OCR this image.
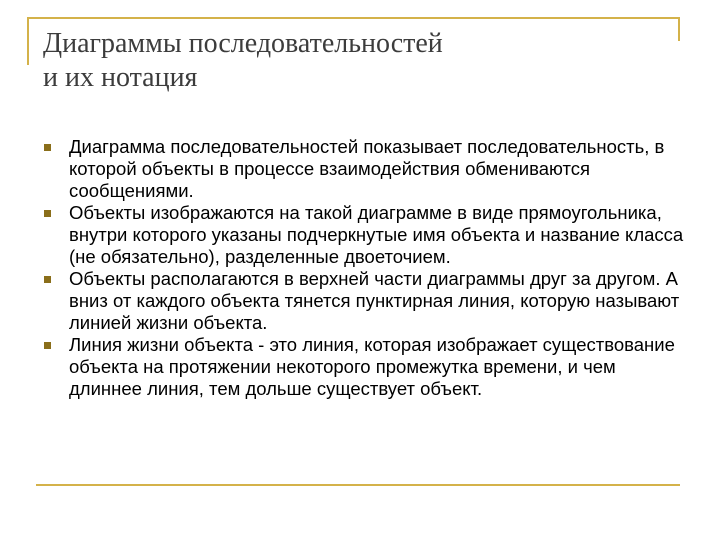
Диаграммы последовательностей
и их нотация
Диаграмма последовательностей показывает последовательность, в которой объекты в процессе взаимодействия обмениваются сообщениями.
Объекты изображаются на такой диаграмме в виде прямоугольника, внутри которого указаны подчеркнутые имя объекта и название класса (не обязательно), разделенные двоеточием.
Объекты располагаются в верхней части диаграммы друг за другом. А вниз от каждого объекта тянется пунктирная линия, которую называют линией жизни объекта.
Линия жизни объекта - это линия, которая изображает существование объекта на протяжении некоторого промежутка времени, и чем длиннее линия, тем дольше существует объект.
